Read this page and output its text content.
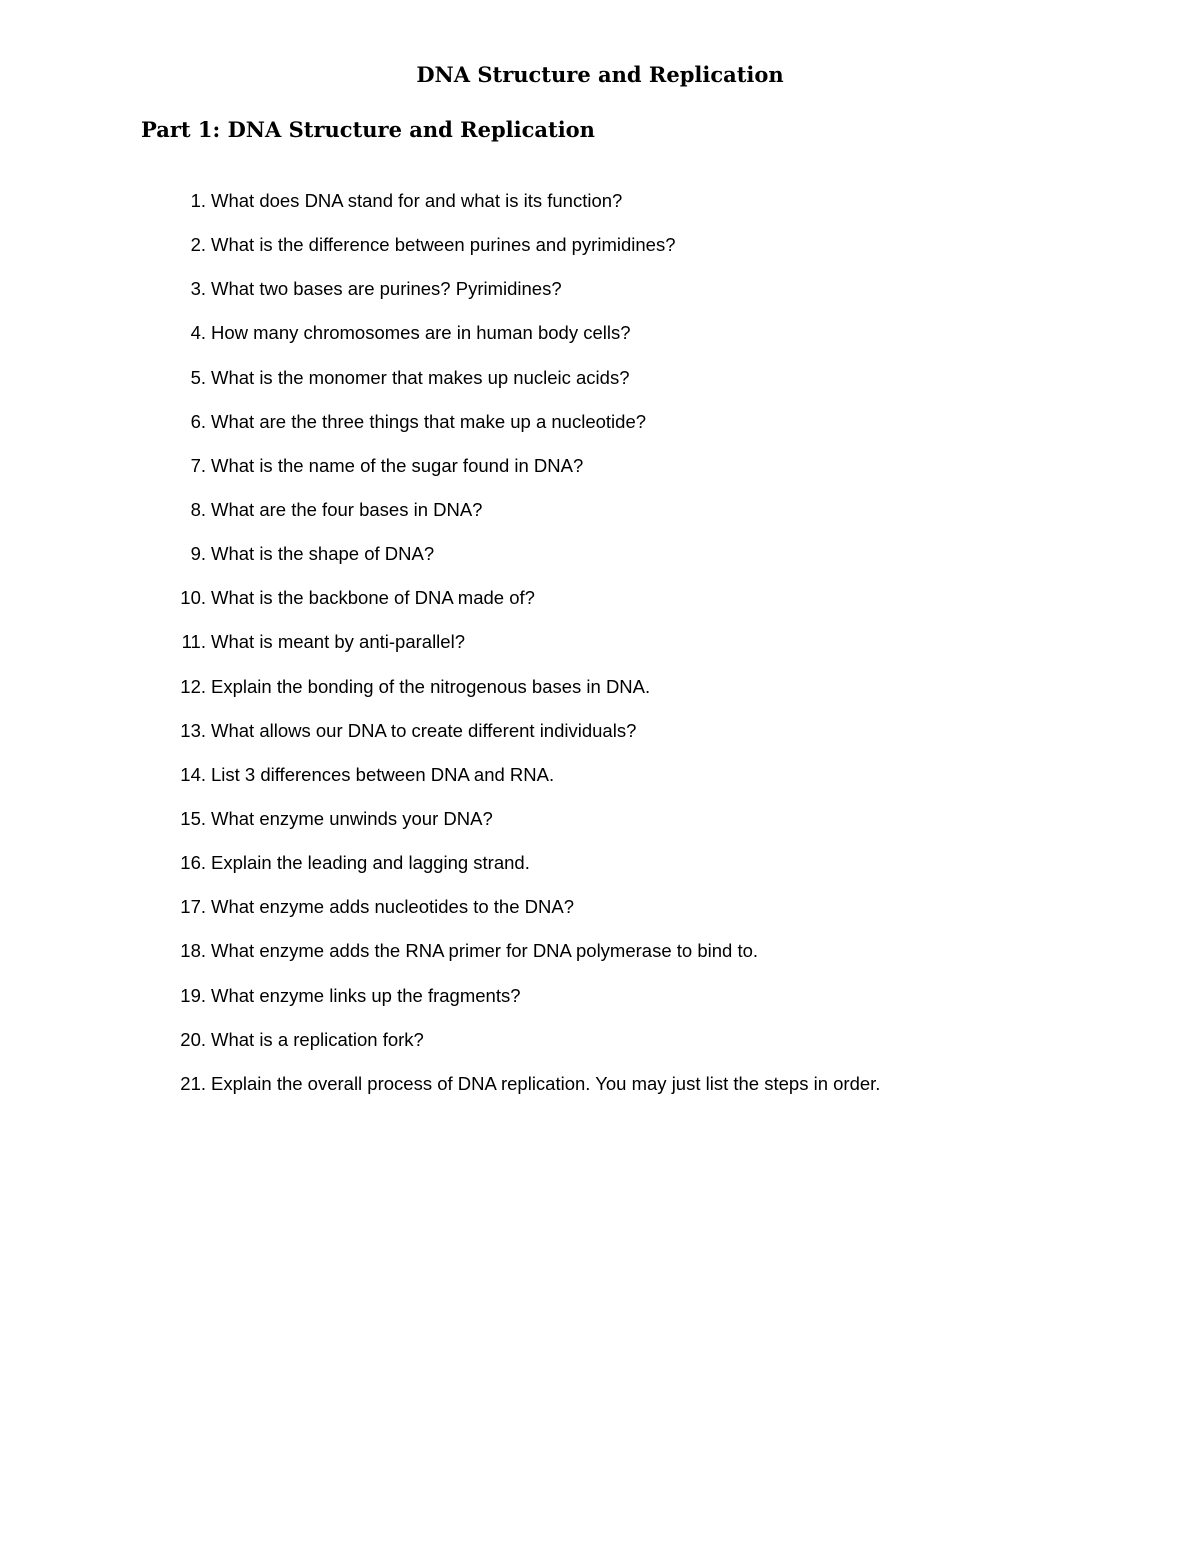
DNA Structure and Replication
Part 1: DNA Structure and Replication
1. What does DNA stand for and what is its function?
2. What is the difference between purines and pyrimidines?
3. What two bases are purines? Pyrimidines?
4. How many chromosomes are in human body cells?
5. What is the monomer that makes up nucleic acids?
6. What are the three things that make up a nucleotide?
7. What is the name of the sugar found in DNA?
8. What are the four bases in DNA?
9. What is the shape of DNA?
10. What is the backbone of DNA made of?
11. What is meant by anti-parallel?
12. Explain the bonding of the nitrogenous bases in DNA.
13. What allows our DNA to create different individuals?
14. List 3 differences between DNA and RNA.
15. What enzyme unwinds your DNA?
16. Explain the leading and lagging strand.
17. What enzyme adds nucleotides to the DNA?
18. What enzyme adds the RNA primer for DNA polymerase to bind to.
19. What enzyme links up the fragments?
20. What is a replication fork?
21. Explain the overall process of DNA replication. You may just list the steps in order.
